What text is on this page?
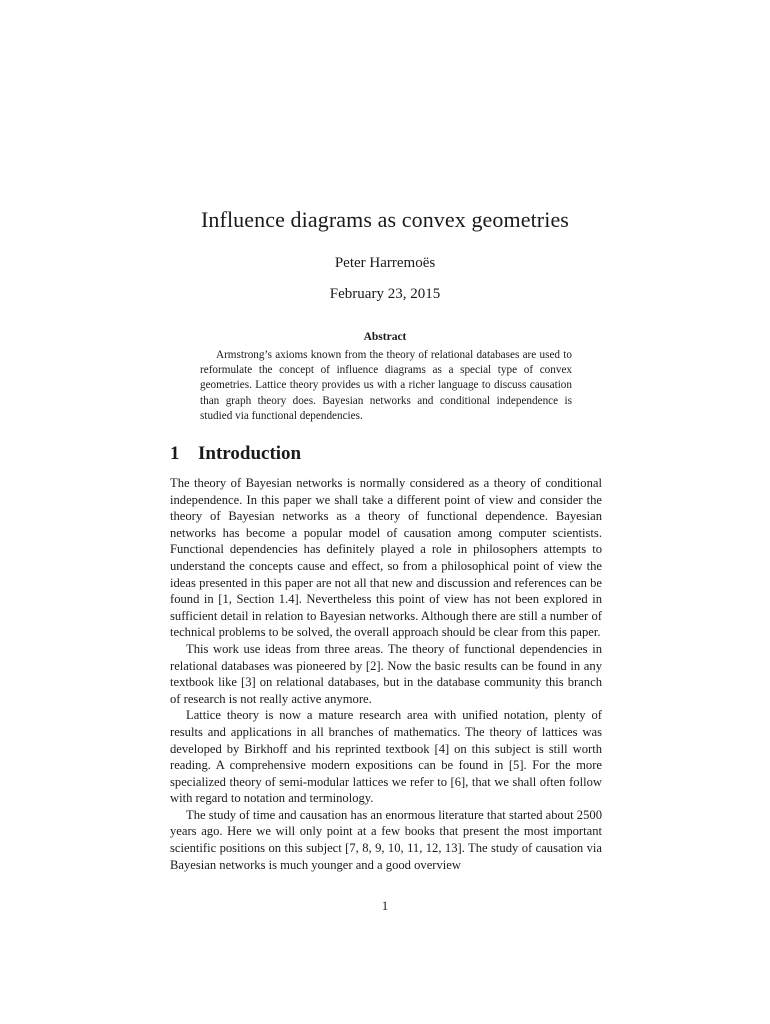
Influence diagrams as convex geometries
Peter Harremoës
February 23, 2015
Abstract
Armstrong’s axioms known from the theory of relational databases are used to reformulate the concept of influence diagrams as a special type of convex geometries. Lattice theory provides us with a richer language to discuss causation than graph theory does. Bayesian networks and conditional independence is studied via functional dependencies.
1 Introduction

The theory of Bayesian networks is normally considered as a theory of conditional independence. In this paper we shall take a different point of view and consider the theory of Bayesian networks as a theory of functional dependence. Bayesian networks has become a popular model of causation among computer scientists. Functional dependencies has definitely played a role in philosophers attempts to understand the concepts cause and effect, so from a philosophical point of view the ideas presented in this paper are not all that new and discussion and references can be found in [1, Section 1.4]. Nevertheless this point of view has not been explored in sufficient detail in relation to Bayesian networks. Although there are still a number of technical problems to be solved, the overall approach should be clear from this paper.

This work use ideas from three areas. The theory of functional dependencies in relational databases was pioneered by [2]. Now the basic results can be found in any textbook like [3] on relational databases, but in the database community this branch of research is not really active anymore.

Lattice theory is now a mature research area with unified notation, plenty of results and applications in all branches of mathematics. The theory of lattices was developed by Birkhoff and his reprinted textbook [4] on this subject is still worth reading. A comprehensive modern expositions can be found in [5]. For the more specialized theory of semi-modular lattices we refer to [6], that we shall often follow with regard to notation and terminology.

The study of time and causation has an enormous literature that started about 2500 years ago. Here we will only point at a few books that present the most important scientific positions on this subject [7, 8, 9, 10, 11, 12, 13]. The study of causation via Bayesian networks is much younger and a good overview

1
